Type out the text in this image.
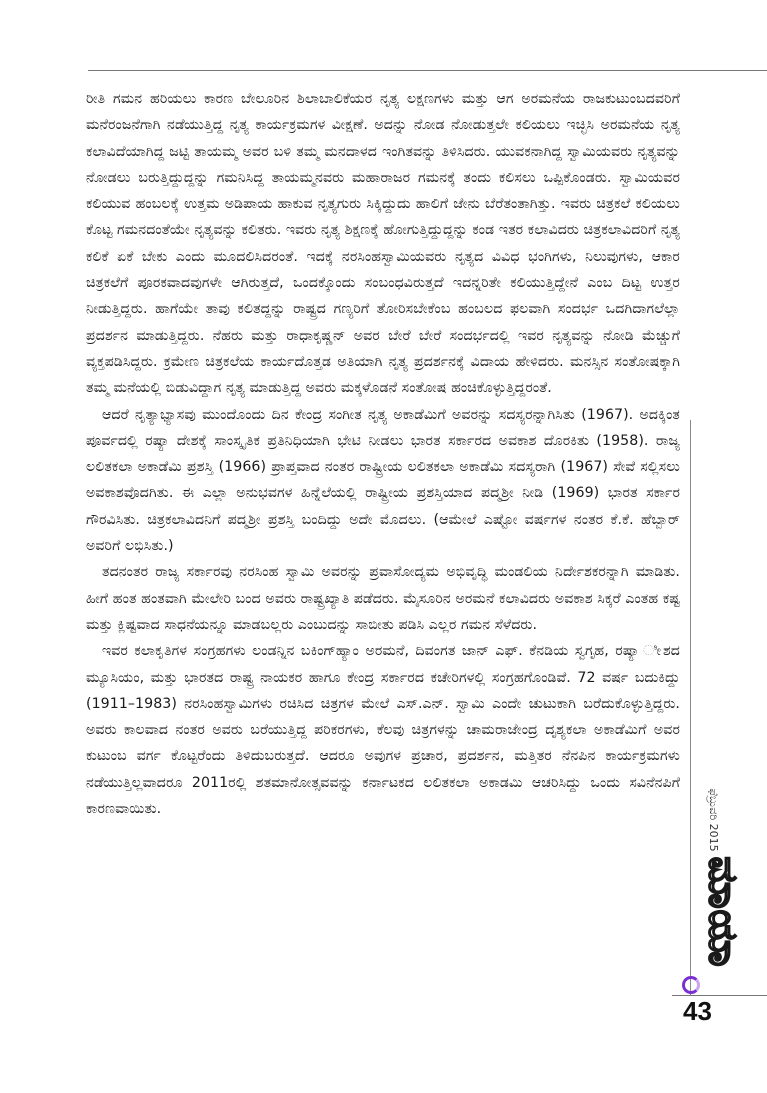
ರೀತಿ ಗಮನ ಹರಿಯಲು ಕಾರಣ ಬೇಲೂರಿನ ಶಿಲಾಬಾಲಿಕೆಯರ ನೃತ್ಯ ಲಕ್ಷಣಗಳು ಮತ್ತು ಆಗ ಅರಮನೆಯ ರಾಜಕುಟುಂಬದವರಿಗೆ ಮನೆರಂಜನೆಗಾಗಿ ನಡೆಯುತ್ತಿದ್ದ ನೃತ್ಯ ಕಾರ್ಯಕ್ರಮಗಳ ವೀಕ್ಷಣೆ. ಅದನ್ನು ನೋಡ ನೋಡುತ್ತಲೇ ಕಲಿಯಲು ಇಚ್ಛಿಸಿ ಅರಮನೆಯ ನೃತ್ಯ ಕಲಾವಿದೆಯಾಗಿದ್ದ ಜಟ್ಟಿ ತಾಯಮ್ಮ ಅವರ ಬಳಿ ತಮ್ಮ ಮನದಾಳದ ಇಂಗಿತವನ್ನು ತಿಳಿಸಿದರು. ಯುವಕನಾಗಿದ್ದ ಸ್ವಾಮಿಯವರು ನೃತ್ಯವನ್ನು ನೋಡಲು ಬರುತ್ತಿದ್ದುದ್ದನ್ನು ಗಮನಿಸಿದ್ದ ತಾಯಮ್ಮನವರು ಮಹಾರಾಜರ ಗಮನಕ್ಕೆ ತಂದು ಕಲಿಸಲು ಒಪ್ಪಿಕೊಂಡರು. ಸ್ವಾಮಿಯವರ ಕಲಿಯುವ ಹಂಬಲಕ್ಕೆ ಉತ್ತಮ ಅಡಿಪಾಯ ಹಾಕುವ ನೃತ್ಯಗುರು ಸಿಕ್ಕಿದ್ದುದು ಹಾಲಿಗೆ ಜೇನು ಬೆರೆತಂತಾಗಿತ್ತು. ಇವರು ಚಿತ್ರಕಲೆ ಕಲಿಯಲು ಕೊಟ್ಟ ಗಮನದಂತೆಯೇ ನೃತ್ಯವನ್ನು ಕಲಿತರು. ಇವರು ನೃತ್ಯ ಶಿಕ್ಷಣಕ್ಕೆ ಹೋಗುತ್ತಿದ್ದುದ್ದನ್ನು ಕಂಡ ಇತರ ಕಲಾವಿದರು ಚಿತ್ರಕಲಾವಿದರಿಗೆ ನೃತ್ಯ ಕಲಿಕೆ ಏಕೆ ಬೇಕು ಎಂದು ಮೂದಲಿಸಿದರಂತೆ. ಇದಕ್ಕೆ ನರಸಿಂಹಸ್ವಾಮಿಯವರು ನೃತ್ಯದ ವಿವಿಧ ಭಂಗಿಗಳು, ನಿಲುವುಗಳು, ಆಕಾರ ಚಿತ್ರಕಲೆಗೆ ಪೂರಕವಾದವುಗಳೇ ಆಗಿರುತ್ತದೆ, ಒಂದಕ್ಕೊಂದು ಸಂಬಂಧವಿರುತ್ತದೆ ಇದನ್ನರಿತೇ ಕಲಿಯುತ್ತಿದ್ದೇನೆ ಎಂಬ ದಿಟ್ಟ ಉತ್ತರ ನೀಡುತ್ತಿದ್ದರು. ಹಾಗೆಯೇ ತಾವು ಕಲಿತದ್ದನ್ನು ರಾಷ್ಟ್ರದ ಗಣ್ಯರಿಗೆ ತೋರಿಸಬೇಕೆಂಬ ಹಂಬಲದ ಫಲವಾಗಿ ಸಂದರ್ಭ ಒದಗಿದಾಗಲೆಲ್ಲಾ ಪ್ರದರ್ಶನ ಮಾಡುತ್ತಿದ್ದರು. ನೆಹರು ಮತ್ತು ರಾಧಾಕೃಷ್ಣನ್ ಅವರ ಬೇರೆ ಬೇರೆ ಸಂದರ್ಭದಲ್ಲಿ ಇವರ ನೃತ್ಯವನ್ನು ನೋಡಿ ಮೆಚ್ಚುಗೆ ವ್ಯಕ್ತಪಡಿಸಿದ್ದರು. ಕ್ರಮೇಣ ಚಿತ್ರಕಲೆಯ ಕಾರ್ಯದೊತ್ತಡ ಅತಿಯಾಗಿ ನೃತ್ಯ ಪ್ರದರ್ಶನಕ್ಕೆ ವಿದಾಯ ಹೇಳಿದರು. ಮನಸ್ಸಿನ ಸಂತೋಷಕ್ಕಾಗಿ ತಮ್ಮ ಮನೆಯಲ್ಲಿ ಬಿಡುವಿದ್ದಾಗ ನೃತ್ಯ ಮಾಡುತ್ತಿದ್ದ ಅವರು ಮಕ್ಕಳೊಡನೆ ಸಂತೋಷ ಹಂಚಿಕೊಳ್ಳುತ್ತಿದ್ದರಂತೆ.

ಆದರೆ ನೃತ್ಯಾಭ್ಯಾಸವು ಮುಂದೊಂದು ದಿನ ಕೇಂದ್ರ ಸಂಗೀತ ನೃತ್ಯ ಅಕಾಡೆಮಿಗೆ ಅವರನ್ನು ಸದಸ್ಯರನ್ನಾಗಿಸಿತು (1967). ಅದಕ್ಕಿಂತ ಪೂರ್ವದಲ್ಲಿ ರಷ್ಯಾ ದೇಶಕ್ಕೆ ಸಾಂಸ್ಕೃತಿಕ ಪ್ರತಿನಿಧಿಯಾಗಿ ಭೇಟಿ ನೀಡಲು ಭಾರತ ಸರ್ಕಾರದ ಅವಕಾಶ ದೊರಕಿತು (1958). ರಾಜ್ಯ ಲಲಿತಕಲಾ ಅಕಾಡೆಮಿ ಪ್ರಶಸ್ತಿ (1966) ಪ್ರಾಪ್ತವಾದ ನಂತರ ರಾಷ್ಟ್ರೀಯ ಲಲಿತಕಲಾ ಅಕಾಡೆಮಿ ಸದಸ್ಯರಾಗಿ (1967) ಸೇವೆ ಸಲ್ಲಿಸಲು ಅವಕಾಶವೊದಗಿತು. ಈ ಎಲ್ಲಾ ಅನುಭವಗಳ ಹಿನ್ನೆಲೆಯಲ್ಲಿ ರಾಷ್ಟ್ರೀಯ ಪ್ರಶಸ್ತಿಯಾದ ಪದ್ಮಶ್ರೀ ನೀಡಿ (1969) ಭಾರತ ಸರ್ಕಾರ ಗೌರವಿಸಿತು. ಚಿತ್ರಕಲಾವಿದನಿಗೆ ಪದ್ಮಶ್ರೀ ಪ್ರಶಸ್ತಿ ಬಂದಿದ್ದು ಅದೇ ಮೊದಲು. (ಆಮೇಲೆ ಎಷ್ಟೋ ವರ್ಷಗಳ ನಂತರ ಕೆ.ಕೆ. ಹೆಬ್ಬಾರ್ ಅವರಿಗೆ ಲಭಿಸಿತು.)

ತದನಂತರ ರಾಜ್ಯ ಸರ್ಕಾರವು ನರಸಿಂಹ ಸ್ವಾಮಿ ಅವರನ್ನು ಪ್ರವಾಸೋದ್ಯಮ ಅಭಿವೃದ್ಧಿ ಮಂಡಲಿಯ ನಿರ್ದೇಶಕರನ್ನಾಗಿ ಮಾಡಿತು. ಹೀಗೆ ಹಂತ ಹಂತವಾಗಿ ಮೇಲೇರಿ ಬಂದ ಅವರು ರಾಷ್ಟ್ರಖ್ಯಾತಿ ಪಡೆದರು. ಮೈಸೂರಿನ ಅರಮನೆ ಕಲಾವಿದರು ಅವಕಾಶ ಸಿಕ್ಕರೆ ಎಂತಹ ಕಷ್ಟ ಮತ್ತು ಕ್ಲಿಷ್ಟವಾದ ಸಾಧನೆಯನ್ನೂ ಮಾಡಬಲ್ಲರು ಎಂಬುದನ್ನು ಸಾಬೀತು ಪಡಿಸಿ ಎಲ್ಲರ ಗಮನ ಸೆಳೆದರು.

ಇವರ ಕಲಾಕೃತಿಗಳ ಸಂಗ್ರಹಗಳು ಲಂಡನ್ನಿನ ಬಕಿಂಗ್‌ಹ್ಯಾಂ ಅರಮನೆ, ದಿವಂಗತ ಜಾನ್ ಎಫ್. ಕೆನಡಿಯ ಸ್ವಗೃಹ, ರಷ್ಯಾ ೀಶದ ಮ್ಯೂಸಿಯಂ, ಮತ್ತು ಭಾರತದ ರಾಷ್ಟ್ರ ನಾಯಕರ ಹಾಗೂ ಕೇಂದ್ರ ಸರ್ಕಾರದ ಕಚೇರಿಗಳಲ್ಲಿ ಸಂಗ್ರಹಗೊಂಡಿವೆ. 72 ವರ್ಷ ಬದುಕಿದ್ದು (1911–1983) ನರಸಿಂಹಸ್ವಾಮಿಗಳು ರಚಿಸಿದ ಚಿತ್ರಗಳ ಮೇಲೆ ಎಸ್.ಎನ್. ಸ್ವಾಮಿ ಎಂದೇ ಚುಟುಕಾಗಿ ಬರೆದುಕೊಳ್ಳುತ್ತಿದ್ದರು. ಅವರು ಕಾಲವಾದ ನಂತರ ಅವರು ಬರೆಯುತ್ತಿದ್ದ ಪರಿಕರಗಳು, ಕೆಲವು ಚಿತ್ರಗಳನ್ನು ಚಾಮರಾಜೇಂದ್ರ ದೃಶ್ಯಕಲಾ ಅಕಾಡೆಮಿಗೆ ಅವರ ಕುಟುಂಬ ವರ್ಗ ಕೊಟ್ಟರೆಂದು ತಿಳಿದುಬರುತ್ತದೆ. ಆದರೂ ಅವುಗಳ ಪ್ರಚಾರ, ಪ್ರದರ್ಶನ, ಮತ್ತಿತರ ನೆನಪಿನ ಕಾರ್ಯಕ್ರಮಗಳು ನಡೆಯುತ್ತಿಲ್ಲವಾದರೂ 2011ರಲ್ಲಿ ಶತಮಾನೋತ್ಸವವನ್ನು ಕರ್ನಾಟಕದ ಲಲಿತಕಲಾ ಅಕಾಡಮಿ ಆಚರಿಸಿದ್ದು ಒಂದು ಸವಿನೆನಪಿಗೆ ಕಾರಣವಾಯಿತು.

ಮಾಯಾ
ಫೆಬ್ರುವರಿ 2015
43
